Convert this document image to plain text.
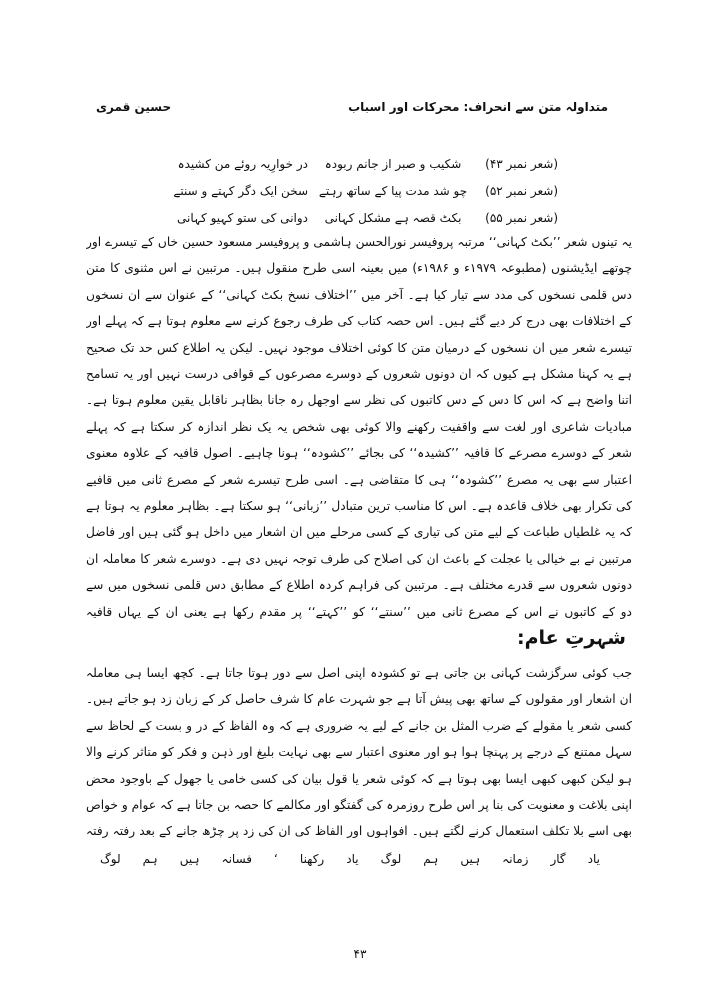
متداولہ متن سے انحراف: محرکات اور اسباب
حسین قمری
(شعر نمبر ۴۳)
شکیب و صبر از جانم ربودہ
در خوارِیہ روئے من کشیدہ
(شعر نمبر ۵۲)
چو شد مدت پیا کے ساتھ رہتے
سخن ایک دگر کہتے و سنتے
(شعر نمبر ۵۵)
بکٹ قصہ ہے مشکل کہانی
دوانی کی ستو کہیو کہانی

یہ تینوں شعر ’’بکٹ کہانی‘‘ مرتبہ پروفیسر نورالحسن ہاشمی و پروفیسر مسعود حسین خاں کے تیسرے اور چوتھے ایڈیشنوں (مطبوعہ ۱۹۷۹ء و ۱۹۸۶ء) میں بعینہ اسی طرح منقول ہیں۔ مرتبین نے اس مثنوی کا متن دس قلمی نسخوں کی مدد سے تیار کیا ہے۔ آخر میں ’’اختلاف نسخ بکٹ کہانی‘‘ کے عنوان سے ان نسخوں کے اختلافات بھی درج کر دیے گئے ہیں۔ اس حصہ کتاب کی طرف رجوع کرنے سے معلوم ہوتا ہے کہ پہلے اور تیسرے شعر میں ان نسخوں کے درمیان متن کا کوئی اختلاف موجود نہیں۔ لیکن یہ اطلاع کس حد تک صحیح ہے یہ کہنا مشکل ہے کیوں کہ ان دونوں شعروں کے دوسرے مصرعوں کے قوافی درست نہیں اور یہ تسامح اتنا واضح ہے کہ اس کا دس کے دس کاتبوں کی نظر سے اوجھل رہ جانا بظاہر ناقابل یقین معلوم ہوتا ہے۔ مبادیات شاعری اور لغت سے واقفیت رکھنے والا کوئی بھی شخص یہ یک نظر اندازہ کر سکتا ہے کہ پہلے شعر کے دوسرے مصرعے کا قافیہ ’’کشیدہ‘‘ کی بجائے ’’کشودہ‘‘ ہونا چاہیے۔ اصول قافیہ کے علاوہ معنوی اعتبار سے بھی یہ مصرع ’’کشودہ‘‘ ہی کا متقاضی ہے۔ اسی طرح تیسرے شعر کے مصرع ثانی میں قافیے کی تکرار بھی خلاف قاعدہ ہے۔ اس کا مناسب ترین متبادل ’’زبانی‘‘ ہو سکتا ہے۔ بظاہر معلوم یہ ہوتا ہے کہ یہ غلطیاں طباعت کے لیے متن کی تیاری کے کسی مرحلے میں ان اشعار میں داخل ہو گئی ہیں اور فاضل مرتبین نے بے خیالی یا عجلت کے باعث ان کی اصلاح کی طرف توجہ نہیں دی ہے۔ دوسرے شعر کا معاملہ ان دونوں شعروں سے قدرے مختلف ہے۔ مرتبین کی فراہم کردہ اطلاع کے مطابق دس قلمی نسخوں میں سے دو کے کاتبوں نے اس کے مصرع ثانی میں ’’سنتے‘‘ کو ’’کہتے‘‘ پر مقدم رکھا ہے یعنی ان کے یہاں قافیہ

شہرتِ عام:

جب کوئی سرگزشت کہانی بن جاتی ہے تو کشودہ اپنی اصل سے دور ہوتا جاتا ہے۔ کچھ ایسا ہی معاملہ ان اشعار اور مقولوں کے ساتھ بھی پیش آتا ہے جو شہرت عام کا شرف حاصل کر کے زبان زد ہو جاتے ہیں۔ کسی شعر یا مقولے کے ضرب المثل بن جانے کے لیے یہ ضروری ہے کہ وہ الفاظ کے در و بست کے لحاظ سے سہل ممتنع کے درجے پر پہنچا ہوا ہو اور معنوی اعتبار سے بھی نہایت بلیغ اور ذہن و فکر کو متاثر کرنے والا ہو لیکن کبھی کبھی ایسا بھی ہوتا ہے کہ کوئی شعر یا قول بیان کی کسی خامی یا جھول کے باوجود محض اپنی بلاغت و معنویت کی بنا پر اس طرح روزمرہ کی گفتگو اور مکالمے کا حصہ بن جاتا ہے کہ عوام و خواص بھی اسے بلا تکلف استعمال کرنے لگتے ہیں۔ افواہوں اور الفاظ کی ان کی زد پر چڑھ جانے کے بعد رفتہ رفتہ

یاد
گار
زمانہ
ہیں
ہم
لوگ
یاد
رکھنا
‘
فسانہ
ہیں
ہم
لوگ
۴۳
